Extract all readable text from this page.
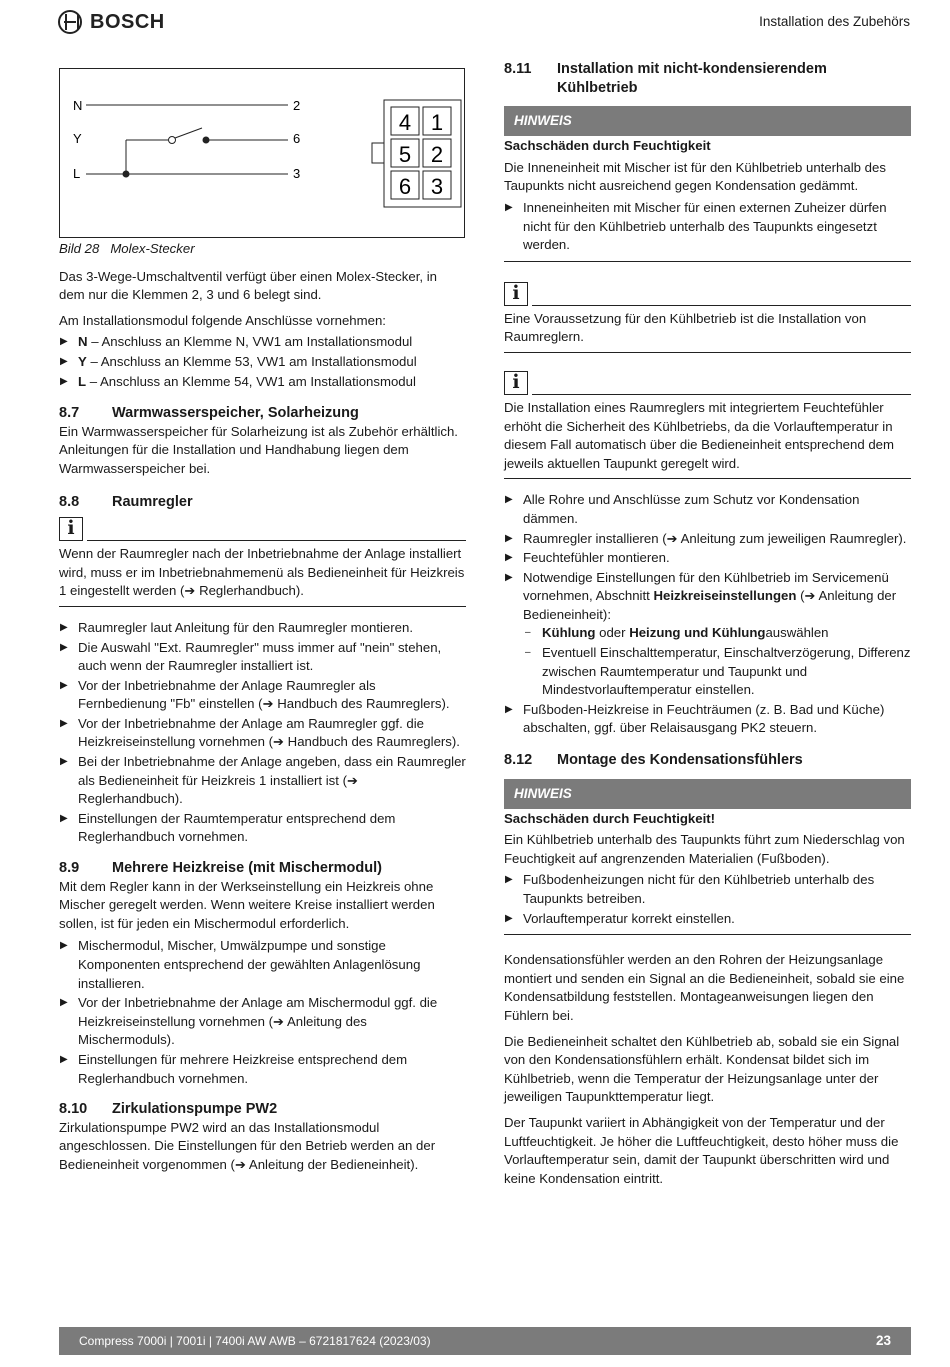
BOSCH	Installation des Zubehörs
N
Y
L
2
6
3
4 1
5 2
6 3

Bild 28   Molex-Stecker

Das 3-Wege-Umschaltventil verfügt über einen Molex-Stecker, in dem nur die Klemmen 2, 3 und 6 belegt sind.

Am Installationsmodul folgende Anschlüsse vornehmen:

▶ N – Anschluss an Klemme N, VW1 am Installationsmodul
▶ Y – Anschluss an Klemme 53, VW1 am Installationsmodul
▶ L – Anschluss an Klemme 54, VW1 am Installationsmodul
8.7	Warmwasserspeicher, Solarheizung

Ein Warmwasserspeicher für Solarheizung ist als Zubehör erhältlich. Anleitungen für die Installation und Handhabung liegen dem Warmwasserspeicher bei.

8.8	Raumregler
i

Wenn der Raumregler nach der Inbetriebnahme der Anlage installiert wird, muss er im Inbetriebnahmemenü als Bedieneinheit für Heizkreis 1 eingestellt werden (➔ Reglerhandbuch).

▶ Raumregler laut Anleitung für den Raumregler montieren.
▶ Die Auswahl "Ext. Raumregler" muss immer auf "nein" stehen, auch wenn der Raumregler installiert ist.
▶ Vor der Inbetriebnahme der Anlage Raumregler als Fernbedienung "Fb" einstellen (➔ Handbuch des Raumreglers).
▶ Vor der Inbetriebnahme der Anlage am Raumregler ggf. die Heizkreiseinstellung vornehmen (➔ Handbuch des Raumreglers).
▶ Bei der Inbetriebnahme der Anlage angeben, dass ein Raumregler als Bedieneinheit für Heizkreis 1 installiert ist (➔ Reglerhandbuch).
▶ Einstellungen der Raumtemperatur entsprechend dem Reglerhandbuch vornehmen.
8.9	Mehrere Heizkreise (mit Mischermodul)

Mit dem Regler kann in der Werkseinstellung ein Heizkreis ohne Mischer geregelt werden. Wenn weitere Kreise installiert werden sollen, ist für jeden ein Mischermodul erforderlich.

▶ Mischermodul, Mischer, Umwälzpumpe und sonstige Komponenten entsprechend der gewählten Anlagenlösung installieren.
▶ Vor der Inbetriebnahme der Anlage am Mischermodul ggf. die Heizkreiseinstellung vornehmen (➔ Anleitung des Mischermoduls).
▶ Einstellungen für mehrere Heizkreise entsprechend dem Reglerhandbuch vornehmen.
8.10	Zirkulationspumpe PW2

Zirkulationspumpe PW2 wird an das Installationsmodul angeschlossen. Die Einstellungen für den Betrieb werden an der Bedieneinheit vorgenommen (➔ Anleitung der Bedieneinheit).

8.11	Installation mit nicht-kondensierendem Kühlbetrieb
HINWEIS

Sachschäden durch Feuchtigkeit

Die Inneneinheit mit Mischer ist für den Kühlbetrieb unterhalb des Taupunkts nicht ausreichend gegen Kondensation gedämmt.

▶ Inneneinheiten mit Mischer für einen externen Zuheizer dürfen nicht für den Kühlbetrieb unterhalb des Taupunkts eingesetzt werden.
i

Eine Voraussetzung für den Kühlbetrieb ist die Installation von Raumreglern.

i

Die Installation eines Raumreglers mit integriertem Feuchtefühler erhöht die Sicherheit des Kühlbetriebs, da die Vorlauftemperatur in diesem Fall automatisch über die Bedieneinheit entsprechend dem jeweils aktuellen Taupunkt geregelt wird.

▶ Alle Rohre und Anschlüsse zum Schutz vor Kondensation dämmen.
▶ Raumregler installieren (➔ Anleitung zum jeweiligen Raumregler).
▶ Feuchtefühler montieren.
▶ Notwendige Einstellungen für den Kühlbetrieb im Servicemenü vornehmen, Abschnitt Heizkreiseinstellungen (➔ Anleitung der Bedieneinheit):
– Kühlung oder Heizung und Kühlungauswählen
– Eventuell Einschalttemperatur, Einschaltverzögerung, Differenz zwischen Raumtemperatur und Taupunkt und Mindestvorlauftemperatur einstellen.
▶ Fußboden-Heizkreise in Feuchträumen (z. B. Bad und Küche) abschalten, ggf. über Relaisausgang PK2 steuern.
8.12	Montage des Kondensationsfühlers
HINWEIS

Sachschäden durch Feuchtigkeit!

Ein Kühlbetrieb unterhalb des Taupunkts führt zum Niederschlag von Feuchtigkeit auf angrenzenden Materialien (Fußboden).

▶ Fußbodenheizungen nicht für den Kühlbetrieb unterhalb des Taupunkts betreiben.
▶ Vorlauftemperatur korrekt einstellen.

Kondensationsfühler werden an den Rohren der Heizungsanlage montiert und senden ein Signal an die Bedieneinheit, sobald sie eine Kondensatbildung feststellen. Montageanweisungen liegen den Fühlern bei.

Die Bedieneinheit schaltet den Kühlbetrieb ab, sobald sie ein Signal von den Kondensationsfühlern erhält. Kondensat bildet sich im Kühlbetrieb, wenn die Temperatur der Heizungsanlage unter der jeweiligen Taupunkttemperatur liegt.

Der Taupunkt variiert in Abhängigkeit von der Temperatur und der Luftfeuchtigkeit. Je höher die Luftfeuchtigkeit, desto höher muss die Vorlauftemperatur sein, damit der Taupunkt überschritten wird und keine Kondensation eintritt.

Compress 7000i | 7001i | 7400i AW AWB – 6721817624 (2023/03)	23
